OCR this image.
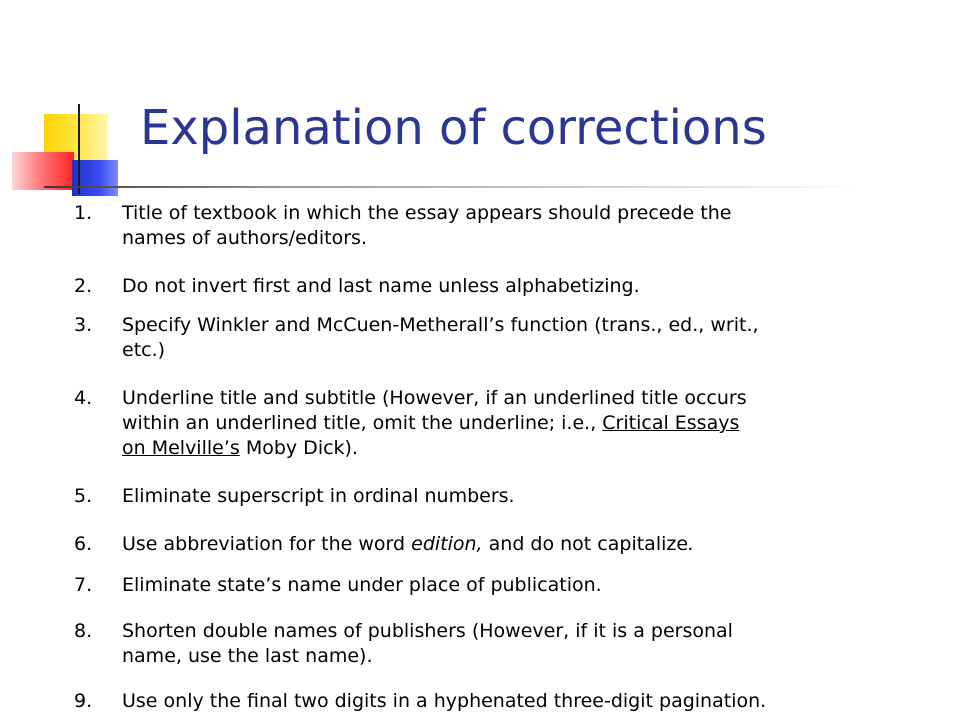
Explanation of corrections
1. Title of textbook in which the essay appears should precede the
names of authors/editors.
2. Do not invert first and last name unless alphabetizing.
3. Specify Winkler and McCuen-Metherall’s function (trans., ed., writ.,
etc.)
4. Underline title and subtitle (However, if an underlined title occurs
within an underlined title, omit the underline; i.e., Critical Essays
on Melville’s Moby Dick).
5. Eliminate superscript in ordinal numbers.
6. Use abbreviation for the word edition, and do not capitalize.
7. Eliminate state’s name under place of publication.
8. Shorten double names of publishers (However, if it is a personal
name, use the last name).
9. Use only the final two digits in a hyphenated three-digit pagination.
